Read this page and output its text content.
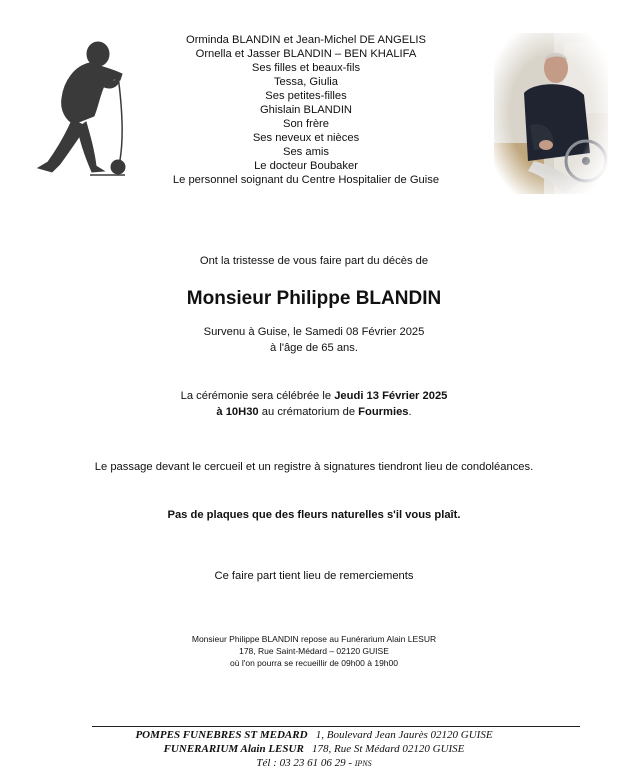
Orminda BLANDIN et Jean-Michel DE ANGELIS
Ornella et Jasser BLANDIN – BEN KHALIFA
Ses filles et beaux-fils
Tessa, Giulia
Ses petites-filles
Ghislain BLANDIN
Son frère
Ses neveux et nièces
Ses amis
Le docteur Boubaker
Le personnel soignant du Centre Hospitalier de Guise
Ont la tristesse de vous faire part du décès de
Monsieur Philippe BLANDIN
Survenu à Guise, le Samedi 08 Février 2025
à l'âge de 65 ans.
La cérémonie sera célébrée le Jeudi 13 Février 2025
à 10H30 au crématorium de Fourmies.
Le passage devant le cercueil et un registre à signatures tiendront lieu de condoléances.
Pas de plaques que des fleurs naturelles s'il vous plaît.
Ce faire part tient lieu de remerciements
Monsieur Philippe BLANDIN repose au Funérarium Alain LESUR
178, Rue Saint-Médard – 02120 GUISE
où l'on pourra se recueillir de 09h00 à 19h00
POMPES FUNEBRES ST MEDARD 1, Boulevard Jean Jaurès 02120 GUISE
FUNERARIUM Alain LESUR 178, Rue St Médard 02120 GUISE
Tél : 03 23 61 06 29 - IPNS
